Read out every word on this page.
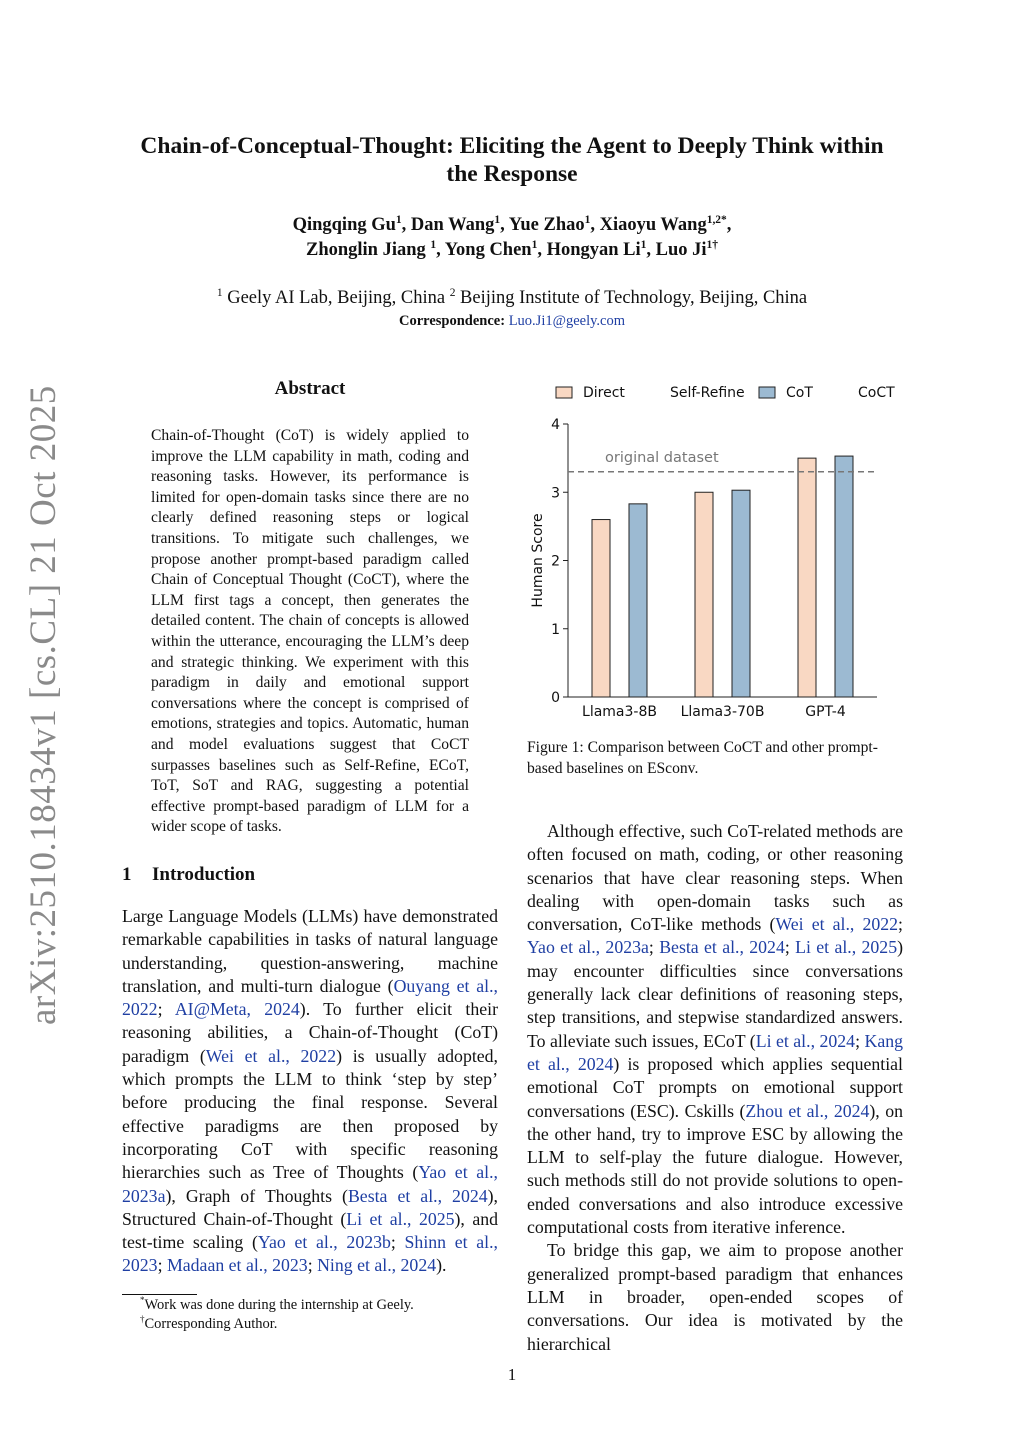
arXiv:2510.18434v1 [cs.CL] 21 Oct 2025
Chain-of-Conceptual-Thought: Eliciting the Agent to Deeply Think within
the Response
Qingqing Gu$^1$, Dan Wang$^1$, Yue Zhao$^1$, Xiaoyu Wang$^{1,2*}$,
Zhonglin Jiang $^1$, Yong Chen$^1$, Hongyan Li$^1$, Luo $Ji^{1\dagger}$
$^1$ Geely AI Lab, Beijing, China $^2$ Beijing Institute of Technology, Beijing, China
Correspondence: Luo.Ji1@geely.com
Abstract
Chain-of-Thought (CoT) is widely applied to improve the LLM capability in math, coding and reasoning tasks. However, its performance is limited for open-domain tasks since there are no clearly defined reasoning steps or logical transitions. To mitigate such challenges, we propose another prompt-based paradigm called Chain of Conceptual Thought (CoCT), where the LLM first tags a concept, then generates the detailed content. The chain of concepts is allowed within the utterance, encouraging the LLM’s deep and strategic thinking. We experiment with this paradigm in daily and emotional support conversations where the concept is comprised of emotions, strategies and topics. Automatic, human and model evaluations suggest that CoCT surpasses baselines such as Self-Refine, ECoT, ToT, SoT and RAG, suggesting a potential effective prompt-based paradigm of LLM for a wider scope of tasks.
1 Introduction

Large Language Models (LLMs) have demonstrated remarkable capabilities in tasks of natural language understanding, question-answering, machine translation, and multi-turn dialogue (Ouyang et al., 2022; AI@Meta, 2024). To further elicit their reasoning abilities, a Chain-of-Thought (CoT) paradigm (Wei et al., 2022) is usually adopted, which prompts the LLM to think ‘step by step’ before producing the final response. Several effective paradigms are then proposed by incorporating CoT with specific reasoning hierarchies such as Tree of Thoughts (Yao et al., 2023a), Graph of Thoughts (Besta et al., 2024), Structured Chain-of-Thought (Li et al., 2025), and test-time scaling (Yao et al., 2023b; Shinn et al., 2023; Madaan et al., 2023; Ning et al., 2024).

*Work was done during the internship at Geely.
†Corresponding Author.
Direct	Self-Refine	CoT	CoCT
0
1
2
3
4
Human Score
Llama3-8B Llama3-70B	GPT-4
original dataset
Figure 1: Comparison between CoCT and other prompt-based baselines on ESconv.

Although effective, such CoT-related methods are often focused on math, coding, or other reasoning scenarios that have clear reasoning steps. When dealing with open-domain tasks such as conversation, CoT-like methods (Wei et al., 2022; Yao et al., 2023a; Besta et al., 2024; Li et al., 2025) may encounter difficulties since conversations generally lack clear definitions of reasoning steps, step transitions, and stepwise standardized answers. To alleviate such issues, ECoT (Li et al., 2024; Kang et al., 2024) is proposed which applies sequential emotional CoT prompts on emotional support conversations (ESC). Cskills (Zhou et al., 2024), on the other hand, try to improve ESC by allowing the LLM to self-play the future dialogue. However, such methods still do not provide solutions to open-ended conversations and also introduce excessive computational costs from iterative inference.

To bridge this gap, we aim to propose another generalized prompt-based paradigm that enhances LLM in broader, open-ended scopes of conversations. Our idea is motivated by the hierarchical

1
